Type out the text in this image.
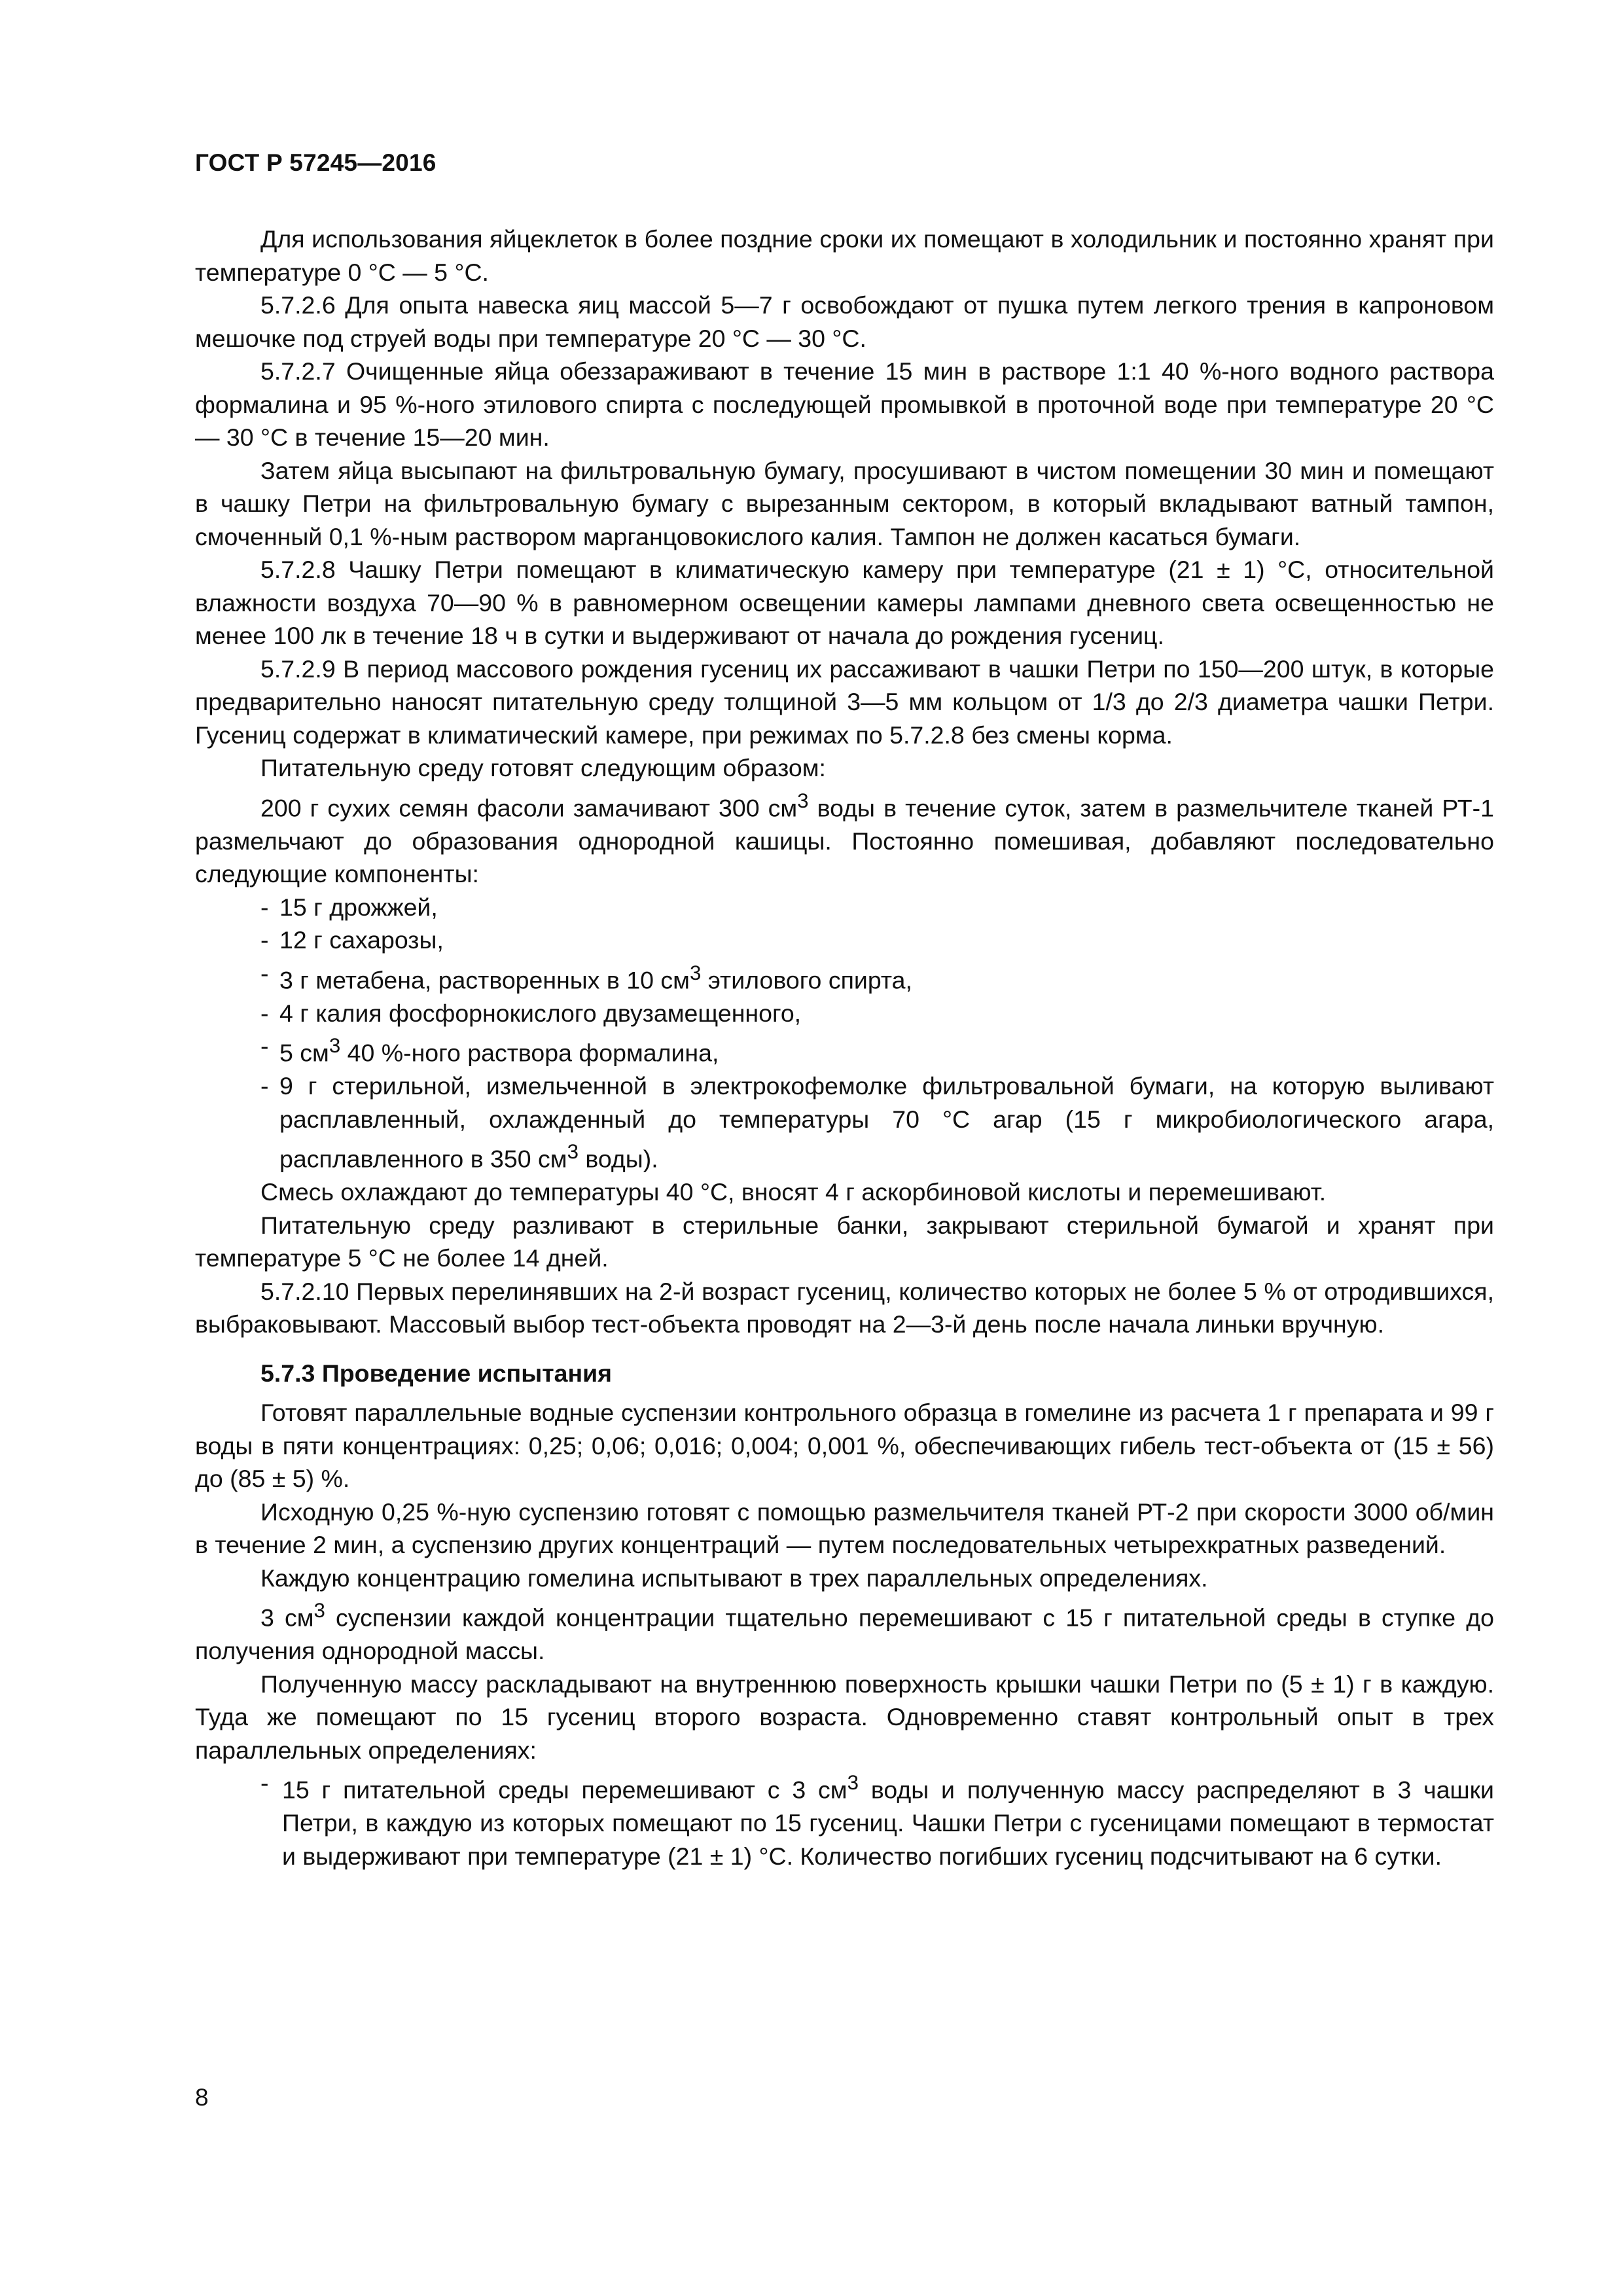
ГОСТ Р 57245—2016

Для использования яйцеклеток в более поздние сроки их помещают в холодильник и постоянно хранят при температуре 0 °С — 5 °С.

5.7.2.6 Для опыта навеска яиц массой 5—7 г освобождают от пушка путем легкого трения в капроновом мешочке под струей воды при температуре 20 °С — 30 °С.

5.7.2.7 Очищенные яйца обеззараживают в течение 15 мин в растворе 1:1 40 %-ного водного раствора формалина и 95 %-ного этилового спирта с последующей промывкой в проточной воде при температуре 20 °С — 30 °С в течение 15—20 мин.

Затем яйца высыпают на фильтровальную бумагу, просушивают в чистом помещении 30 мин и помещают в чашку Петри на фильтровальную бумагу с вырезанным сектором, в который вкладывают ватный тампон, смоченный 0,1 %-ным раствором марганцовокислого калия. Тампон не должен касаться бумаги.

5.7.2.8 Чашку Петри помещают в климатическую камеру при температуре (21 ± 1) °С, относительной влажности воздуха 70—90 % в равномерном освещении камеры лампами дневного света освещенностью не менее 100 лк в течение 18 ч в сутки и выдерживают от начала до рождения гусениц.

5.7.2.9 В период массового рождения гусениц их рассаживают в чашки Петри по 150—200 штук, в которые предварительно наносят питательную среду толщиной 3—5 мм кольцом от 1/3 до 2/3 диаметра чашки Петри. Гусениц содержат в климатический камере, при режимах по 5.7.2.8 без смены корма.

Питательную среду готовят следующим образом:

200 г сухих семян фасоли замачивают 300 $см^3$ воды в течение суток, затем в размельчителе тканей РТ-1 размельчают до образования однородной кашицы. Постоянно помешивая, добавляют последовательно следующие компоненты:

- 15 г дрожжей,
- 12 г сахарозы,
- 3 г метабена, растворенных в 10 $см^3$ этилового спирта,
- 4 г калия фосфорнокислого двузамещенного,
- 5 $см^3$ 40 %-ного раствора формалина,
- 9 г стерильной, измельченной в электрокофемолке фильтровальной бумаги, на которую выливают расплавленный, охлажденный до температуры 70 °С агар (15 г микробиологического агара, расплавленного в 350 $см^3$ воды).

Смесь охлаждают до температуры 40 °С, вносят 4 г аскорбиновой кислоты и перемешивают.

Питательную среду разливают в стерильные банки, закрывают стерильной бумагой и хранят при температуре 5 °С не более 14 дней.

5.7.2.10 Первых перелинявших на 2-й возраст гусениц, количество которых не более 5 % от отродившихся, выбраковывают. Массовый выбор тест-объекта проводят на 2—3-й день после начала линьки вручную.

5.7.3 Проведение испытания

Готовят параллельные водные суспензии контрольного образца в гомелине из расчета 1 г препарата и 99 г воды в пяти концентрациях: 0,25; 0,06; 0,016; 0,004; 0,001 %, обеспечивающих гибель тест-объекта от (15 ± 56) до (85 ± 5) %.

Исходную 0,25 %-ную суспензию готовят с помощью размельчителя тканей РТ-2 при скорости 3000 об/мин в течение 2 мин, а суспензию других концентраций — путем последовательных четырехкратных разведений.

Каждую концентрацию гомелина испытывают в трех параллельных определениях.

3 $см^3$ суспензии каждой концентрации тщательно перемешивают с 15 г питательной среды в ступке до получения однородной массы.

Полученную массу раскладывают на внутреннюю поверхность крышки чашки Петри по (5 ± 1) г в каждую. Туда же помещают по 15 гусениц второго возраста. Одновременно ставят контрольный опыт в трех параллельных определениях:

- 15 г питательной среды перемешивают с 3 $см^3$ воды и полученную массу распределяют в 3 чашки Петри, в каждую из которых помещают по 15 гусениц. Чашки Петри с гусеницами помещают в термостат и выдерживают при температуре (21 ± 1) °С. Количество погибших гусениц подсчитывают на 6 сутки.
8
